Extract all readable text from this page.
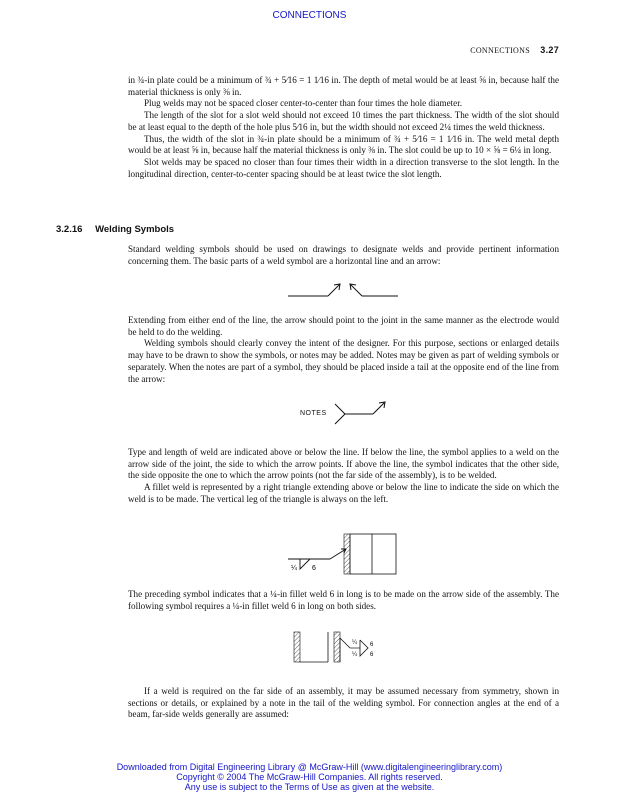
CONNECTIONS
CONNECTIONS 3.27

in ¾-in plate could be a minimum of ¾ + 5⁄16 = 1 1⁄16 in. The depth of metal would be at least ⅝ in, because half the material thickness is only ⅜ in.

Plug welds may not be spaced closer center-to-center than four times the hole diameter.

The length of the slot for a slot weld should not exceed 10 times the part thickness. The width of the slot should be at least equal to the depth of the hole plus 5⁄16 in, but the width should not exceed 2¼ times the weld thickness.

Thus, the width of the slot in ¾-in plate should be a minimum of ¾ + 5⁄16 = 1 1⁄16 in. The weld metal depth would be at least ⅝ in, because half the material thickness is only ⅜ in. The slot could be up to 10 × ⅝ = 6¼ in long.

Slot welds may be spaced no closer than four times their width in a direction transverse to the slot length. In the longitudinal direction, center-to-center spacing should be at least twice the slot length.

3.2.16 Welding Symbols

Standard welding symbols should be used on drawings to designate welds and provide pertinent information concerning them. The basic parts of a weld symbol are a horizontal line and an arrow:

Extending from either end of the line, the arrow should point to the joint in the same manner as the electrode would be held to do the welding.

Welding symbols should clearly convey the intent of the designer. For this purpose, sections or enlarged details may have to be drawn to show the symbols, or notes may be added. Notes may be given as part of welding symbols or separately. When the notes are part of a symbol, they should be placed inside a tail at the opposite end of the line from the arrow:

NOTES

Type and length of weld are indicated above or below the line. If below the line, the symbol applies to a weld on the arrow side of the joint, the side to which the arrow points. If above the line, the symbol indicates that the other side, the side opposite the one to which the arrow points (not the far side of the assembly), is to be welded.

A fillet weld is represented by a right triangle extending above or below the line to indicate the side on which the weld is to be made. The vertical leg of the triangle is always on the left.

¼ 6

The preceding symbol indicates that a ¼-in fillet weld 6 in long is to be made on the arrow side of the assembly. The following symbol requires a ¼-in fillet weld 6 in long on both sides.

¼
¼
6
6

If a weld is required on the far side of an assembly, it may be assumed necessary from symmetry, shown in sections or details, or explained by a note in the tail of the welding symbol. For connection angles at the end of a beam, far-side welds generally are assumed:

Downloaded from Digital Engineering Library @ McGraw-Hill (www.digitalengineeringlibrary.com)
Copyright © 2004 The McGraw-Hill Companies. All rights reserved.
Any use is subject to the Terms of Use as given at the website.
